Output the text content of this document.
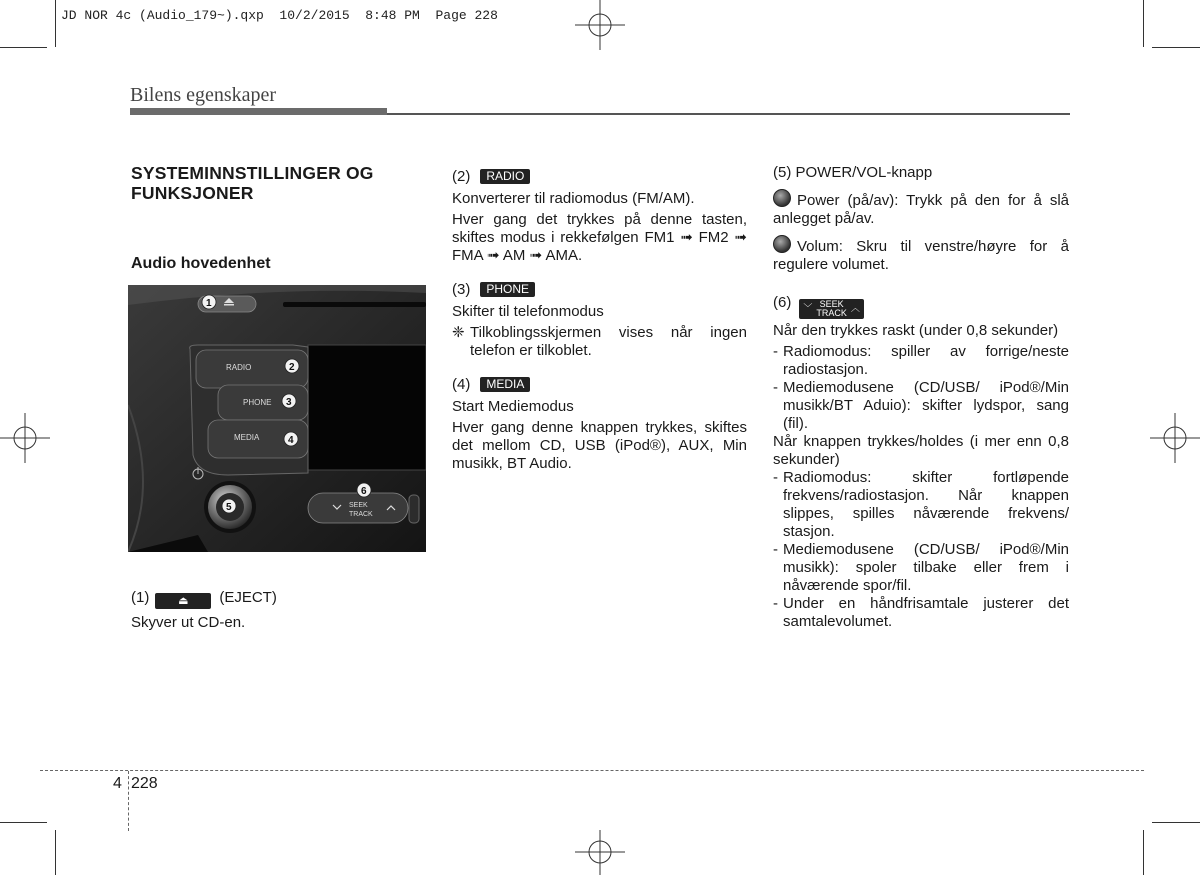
JD NOR 4c (Audio_179~).qxp  10/2/2015  8:48 PM  Page 228
Bilens egenskaper
SYSTEMINNSTILLINGER OG FUNKSJONER
Audio hovedenhet
RADIO
PHONE
MEDIA
SEEK
TRACK
1
2
3
4
5
6

(1)	⏏ (EJECT)

Skyver ut CD-en.

(2) RADIO

Konverterer til radiomodus (FM/AM).

Hver gang det trykkes på denne tasten, skiftes modus i rekkefølgen FM1 ➟ FM2 ➟ FMA ➟ AM ➟ AMA.

(3) PHONE

Skifter til telefonmodus

❈ Tilkoblingsskjermen vises når ingen telefon er tilkoblet.

(4) MEDIA

Start Mediemodus

Hver gang denne knappen trykkes, skiftes det mellom CD, USB (iPod®), AUX, Min musikk, BT Audio.

(5) POWER/VOL-knapp

Power (på/av): Trykk på den for å slå anlegget på/av.

Volum: Skru til venstre/høyre for å regulere volumet.

(6) ﹀ SEEK
TRACK ︿

Når den trykkes raskt (under 0,8 sekunder)

- Radiomodus: spiller av forrige/neste radiostasjon.
- Mediemodusene (CD/USB/ iPod®/Min musikk/BT Aduio): skifter lydspor, sang (fil).

Når knappen trykkes/holdes (i mer enn 0,8 sekunder)

- Radiomodus: skifter fortløpende frekvens/radiostasjon. Når knappen slippes, spilles nåværende frekvens/ stasjon.
- Mediemodusene (CD/USB/ iPod®/Min musikk): spoler tilbake eller frem i nåværende spor/fil.
- Under en håndfrisamtale justerer det samtalevolumet.
4 228
